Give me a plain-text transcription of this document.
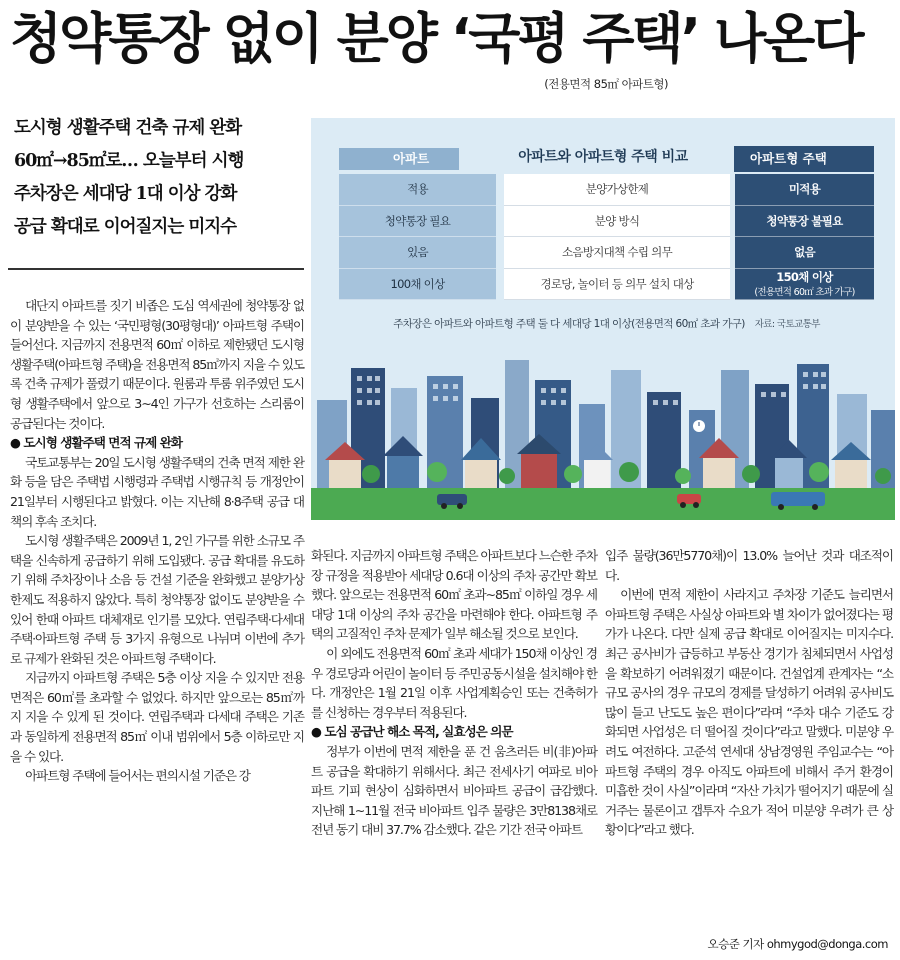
청약통장 없이 분양 ‘국평 주택’ 나온다
(전용면적 85㎡ 아파트형)
도시형 생활주택 건축 규제 완화
60㎡→85㎡로… 오늘부터 시행
주차장은 세대당 1대 이상 강화
공급 확대로 이어질지는 미지수
아파트	아파트와 아파트형 주택 비교	아파트형 주택
적용
청약통장 필요
있음
100채 이상
분양가상한제
분양 방식
소음방지대책 수립 의무
경로당, 놀이터 등 의무 설치 대상
미적용
청약통장 불필요
없음
150채 이상
(전용면적 60㎡ 초과 가구)
주차장은 아파트와 아파트형 주택 둘 다 세대당 1대 이상(전용면적 60㎡ 초과 가구) 자료: 국토교통부

대단지 아파트를 짓기 비좁은 도심 역세권에 청약통장 없이 분양받을 수 있는 ‘국민평형(30평형대)’ 아파트형 주택이 들어선다. 지금까지 전용면적 60㎡ 이하로 제한됐던 도시형 생활주택(아파트형 주택)을 전용면적 85㎡까지 지을 수 있도록 건축 규제가 풀렸기 때문이다. 원룸과 투룸 위주였던 도시형 생활주택에서 앞으로 3∼4인 가구가 선호하는 스리룸이 공급된다는 것이다.

● 도시형 생활주택 면적 규제 완화

국토교통부는 20일 도시형 생활주택의 건축 면적 제한 완화 등을 담은 주택법 시행령과 주택법 시행규칙 등 개정안이 21일부터 시행된다고 밝혔다. 이는 지난해 8·8주택 공급 대책의 후속 조치다.

도시형 생활주택은 2009년 1, 2인 가구를 위한 소규모 주택을 신속하게 공급하기 위해 도입됐다. 공급 확대를 유도하기 위해 주차장이나 소음 등 건설 기준을 완화했고 분양가상한제도 적용하지 않았다. 특히 청약통장 없이도 분양받을 수 있어 한때 아파트 대체재로 인기를 모았다. 연립주택·다세대주택·아파트형 주택 등 3가지 유형으로 나뉘며 이번에 추가로 규제가 완화된 것은 아파트형 주택이다.

지금까지 아파트형 주택은 5층 이상 지을 수 있지만 전용면적은 60㎡를 초과할 수 없었다. 하지만 앞으로는 85㎡까지 지을 수 있게 된 것이다. 연립주택과 다세대 주택은 기존과 동일하게 전용면적 85㎡ 이내 범위에서 5층 이하로만 지을 수 있다.

아파트형 주택에 들어서는 편의시설 기준은 강

화된다. 지금까지 아파트형 주택은 아파트보다 느슨한 주차장 규정을 적용받아 세대당 0.6대 이상의 주차 공간만 확보했다. 앞으로는 전용면적 60㎡ 초과∼85㎡ 이하일 경우 세대당 1대 이상의 주차 공간을 마련해야 한다. 아파트형 주택의 고질적인 주차 문제가 일부 해소될 것으로 보인다.

이 외에도 전용면적 60㎡ 초과 세대가 150채 이상인 경우 경로당과 어린이 놀이터 등 주민공동시설을 설치해야 한다. 개정안은 1월 21일 이후 사업계획승인 또는 건축허가를 신청하는 경우부터 적용된다.

● 도심 공급난 해소 목적, 실효성은 의문

정부가 이번에 면적 제한을 푼 건 움츠러든 비(非)아파트 공급을 확대하기 위해서다. 최근 전세사기 여파로 비아파트 기피 현상이 심화하면서 비아파트 공급이 급감했다. 지난해 1∼11월 전국 비아파트 입주 물량은 3만8138채로 전년 동기 대비 37.7% 감소했다. 같은 기간 전국 아파트

입주 물량(36만5770채)이 13.0% 늘어난 것과 대조적이다.

이번에 면적 제한이 사라지고 주차장 기준도 늘리면서 아파트형 주택은 사실상 아파트와 별 차이가 없어졌다는 평가가 나온다. 다만 실제 공급 확대로 이어질지는 미지수다. 최근 공사비가 급등하고 부동산 경기가 침체되면서 사업성을 확보하기 어려워졌기 때문이다. 건설업계 관계자는 “소규모 공사의 경우 규모의 경제를 달성하기 어려워 공사비도 많이 들고 난도도 높은 편이다”라며 “주차 대수 기준도 강화되면 사업성은 더 떨어질 것이다”라고 말했다. 미분양 우려도 여전하다. 고준석 연세대 상남경영원 주임교수는 “아파트형 주택의 경우 아직도 아파트에 비해서 주거 환경이 미흡한 것이 사실”이라며 “자산 가치가 떨어지기 때문에 실거주는 물론이고 갭투자 수요가 적어 미분양 우려가 큰 상황이다”라고 했다.

오승준 기자 ohmygod@donga.com
